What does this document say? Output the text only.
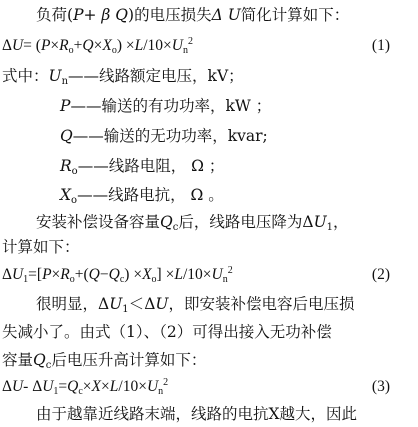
负荷(P+ β Q)的电压损失Δ U简化计算如下：
$\Delta U= (P\times R_o+Q\times X_o) \times L/10\times U_n^2$	(1)
式中：$U_n——$线路额定电压，kV；
P——输送的有功功率，kW ；
Q——输送的无功功率，kvar;
$R_o——$线路电阻， Ω ；
$X_o——$线路电抗， Ω 。
安装补偿设备容量$Q_c$后，线路电压降为$\Delta U_1$，
计算如下：
$\Delta U_1=[P\times R_o+(Q-Q_c) \times X_o] \times L/10\times U_n^2$	(2)
很明显，$\Delta U_1<\Delta U$，即安装补偿电容后电压损
失减小了。由式（1）、（2）可得出接入无功补偿
容量$Q_c$后电压升高计算如下：
ΔU- $\Delta U_1=Q_c\times X\times L/10\times U_n^2$	(3)
由于越靠近线路末端，线路的电抗X越大，因此
